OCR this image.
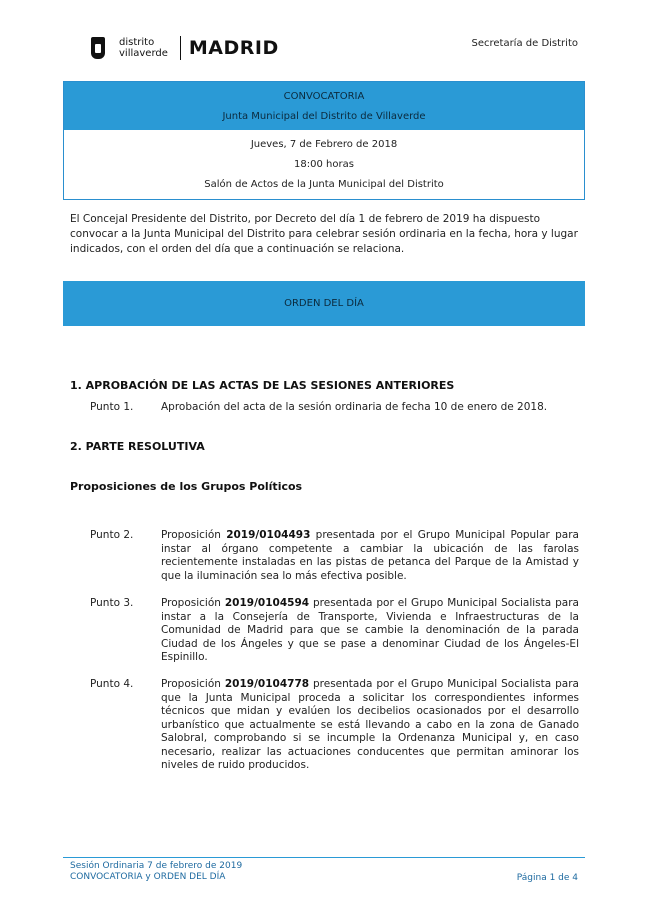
distrito
villaverde MADRID	Secretaría de Distrito
CONVOCATORIA
Junta Municipal del Distrito de Villaverde
Jueves, 7 de Febrero de 2018
18:00 horas
Salón de Actos de la Junta Municipal del Distrito

El Concejal Presidente del Distrito, por Decreto del día 1 de febrero de 2019 ha dispuesto convocar a la Junta Municipal del Distrito para celebrar sesión ordinaria en la fecha, hora y lugar indicados, con el orden del día que a continuación se relaciona.

ORDEN DEL DÍA
1. APROBACIÓN DE LAS ACTAS DE LAS SESIONES ANTERIORES
Punto 1.	Aprobación del acta de la sesión ordinaria de fecha 10 de enero de 2018.
2. PARTE RESOLUTIVA
Proposiciones de los Grupos Políticos
Punto 2.	Proposición 2019/0104493 presentada por el Grupo Municipal Popular para instar al órgano competente a cambiar la ubicación de las farolas recientemente instaladas en las pistas de petanca del Parque de la Amistad y que la iluminación sea lo más efectiva posible.
Punto 3.	Proposición 2019/0104594 presentada por el Grupo Municipal Socialista para instar a la Consejería de Transporte, Vivienda e Infraestructuras de la Comunidad de Madrid para que se cambie la denominación de la parada Ciudad de los Ángeles y que se pase a denominar Ciudad de los Ángeles-El Espinillo.
Punto 4.	Proposición 2019/0104778 presentada por el Grupo Municipal Socialista para que la Junta Municipal proceda a solicitar los correspondientes informes técnicos que midan y evalúen los decibelios ocasionados por el desarrollo urbanístico que actualmente se está llevando a cabo en la zona de Ganado Salobral, comprobando si se incumple la Ordenanza Municipal y, en caso necesario, realizar las actuaciones conducentes que permitan aminorar los niveles de ruido producidos.
Sesión Ordinaria 7 de febrero de 2019
CONVOCATORIA y ORDEN DEL DÍA	Página 1 de 4
